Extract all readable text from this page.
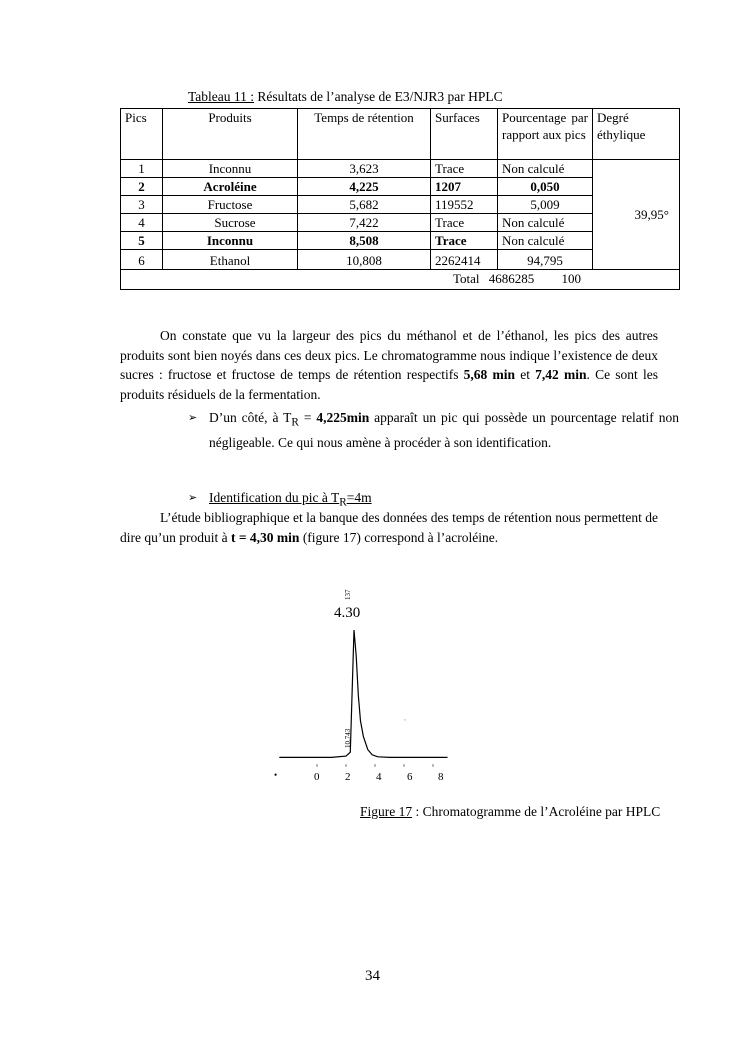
Tableau 11 : Résultats de l’analyse de E3/NJR3 par HPLC
Pics	Produits	Temps de rétention	Surfaces	Pourcentage par rapport aux pics	Degré éthylique
1	Inconnu	3,623	Trace	Non calculé	39,95°
2	Acroléine	4,225	1207	0,050	
3	Fructose	5,682	119552	5,009	
4	Sucrose	7,422	Trace	Non calculé	
5	Inconnu	8,508	Trace	Non calculé	
6	Ethanol	10,808	2262414	94,795	
Total 4686285 100					
On constate que vu la largeur des pics du méthanol et de l’éthanol, les pics des autres produits sont bien noyés dans ces deux pics. Le chromatogramme nous indique l’existence de deux sucres : fructose et fructose de temps de rétention respectifs 5,68 min et 7,42 min. Ce sont les produits résiduels de la fermentation.
➢ D’un côté, à $T_R = 4,225\min$ apparaît un pic qui possède un pourcentage relatif non négligeable. Ce qui nous amène à procéder à son identification.
➢ Identification du pic à $T_R=4m$
L’étude bibliographique et la banque des données des temps de rétention nous permettent de dire qu’un produit à t = 4,30 min (figure 17) correspond à l’acroléine.
4.30
137
10.743
0 2 4 6 8
•
,
Figure 17 : Chromatogramme de l’Acroléine par HPLC
34
